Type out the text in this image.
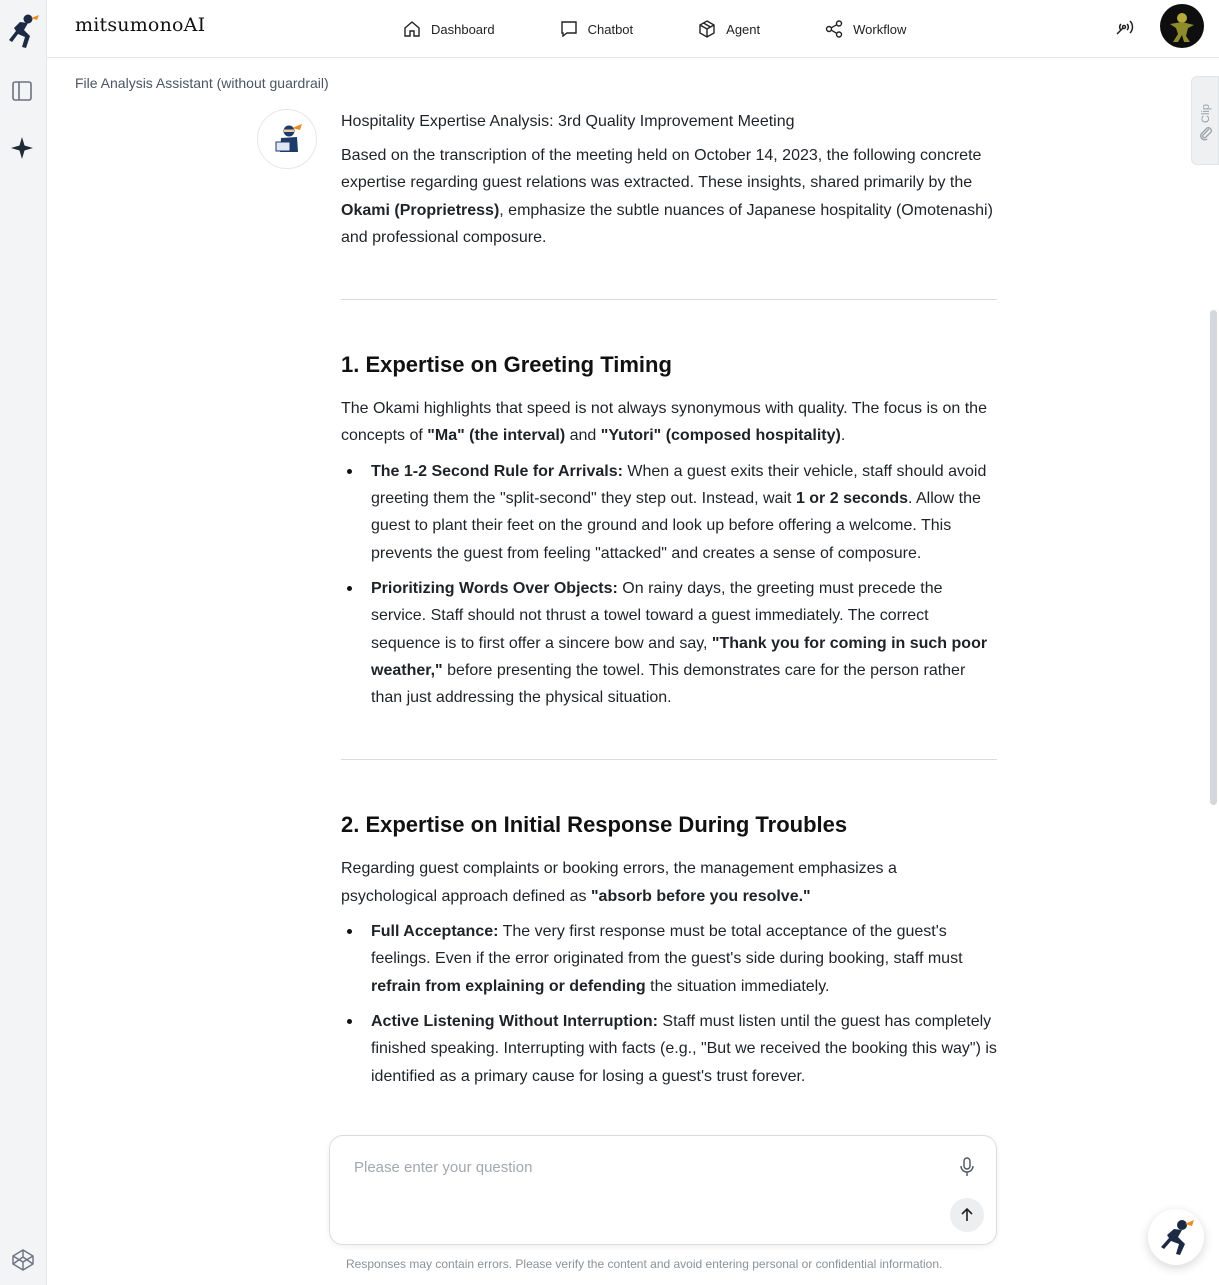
mitsumonoAI	Dashboard	Chatbot	Agent	Workflow
File Analysis Assistant (without guardrail)
Clip

Hospitality Expertise Analysis: 3rd Quality Improvement Meeting

Based on the transcription of the meeting held on October 14, 2023, the following concrete expertise regarding guest relations was extracted. These insights, shared primarily by the Okami (Proprietress), emphasize the subtle nuances of Japanese hospitality (Omotenashi) and professional composure.

1. Expertise on Greeting Timing

The Okami highlights that speed is not always synonymous with quality. The focus is on the concepts of "Ma" (the interval) and "Yutori" (composed hospitality).

The 1-2 Second Rule for Arrivals: When a guest exits their vehicle, staff should avoid greeting them the "split-second" they step out. Instead, wait 1 or 2 seconds. Allow the guest to plant their feet on the ground and look up before offering a welcome. This prevents the guest from feeling "attacked" and creates a sense of composure.
Prioritizing Words Over Objects: On rainy days, the greeting must precede the service. Staff should not thrust a towel toward a guest immediately. The correct sequence is to first offer a sincere bow and say, "Thank you for coming in such poor weather," before presenting the towel. This demonstrates care for the person rather than just addressing the physical situation.
2. Expertise on Initial Response During Troubles

Regarding guest complaints or booking errors, the management emphasizes a psychological approach defined as "absorb before you resolve."

Full Acceptance: The very first response must be total acceptance of the guest's feelings. Even if the error originated from the guest's side during booking, staff must refrain from explaining or defending the situation immediately.
Active Listening Without Interruption: Staff must listen until the guest has completely finished speaking. Interrupting with facts (e.g., "But we received the booking this way") is identified as a primary cause for losing a guest's trust forever.
Please enter your question
Responses may contain errors. Please verify the content and avoid entering personal or confidential information.
